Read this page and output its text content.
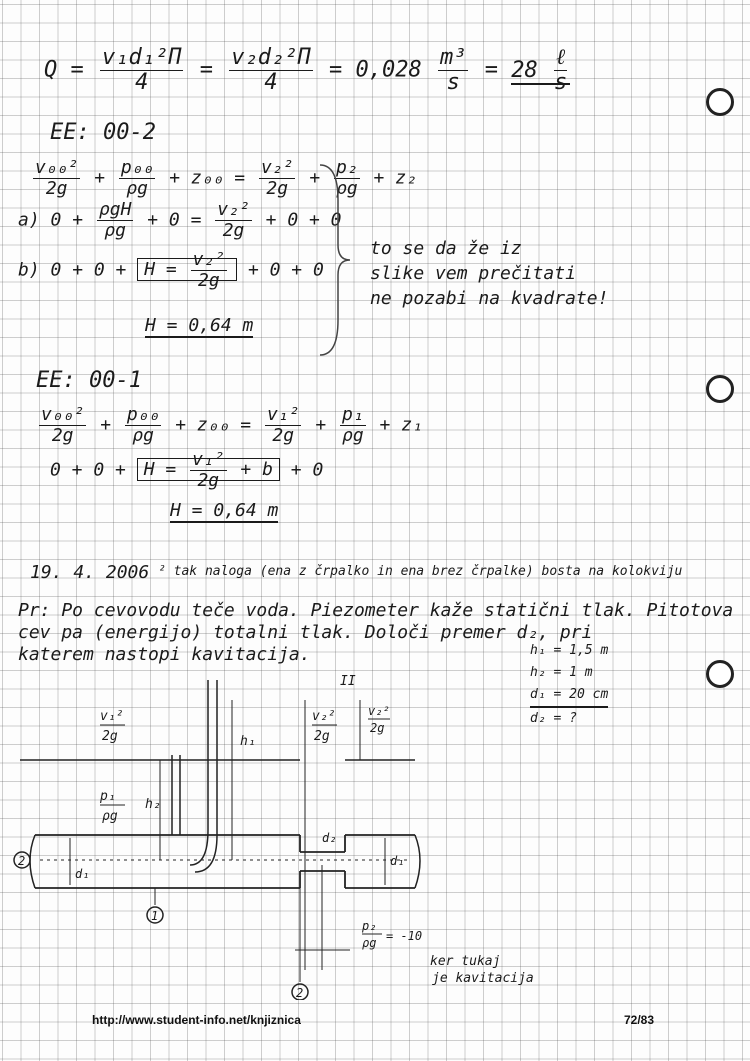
$Q = \frac{\text{v₁d₁²Π}}{4} = \frac{\text{v₂d₂²Π}}{4} = 0,028 \frac{\text{m³}}{s} = 28 \frac{\text{ℓ}}{s}$
EE: 00-2
$\frac{\text{v₀₀²}}{2g} + \frac{\text{p₀₀}}{\rho g} + z_{00} = \frac{\text{v₂²}}{2g} + \frac{\text{p₂}}{\rho g} + z_2$
a) $0 + \frac{\text{ρgH}}{\rho g} + 0 = \frac{\text{v₂²}}{2g} + 0 + 0$
b) $0 + 0 + H = \frac{\text{v₂²}}{2g} + 0 + 0$
H = 0,64 m
to se da že iz
slike vem prečitati
ne pozabi na kvadrate!
EE: 00-1
$\frac{\text{v₀₀²}}{2g} + \frac{\text{p₀₀}}{\rho g} + z_{00} = \frac{\text{v₁²}}{2g} + \frac{\text{p₁}}{\rho g} + z_1$
$0 + 0 + H = \frac{\text{v₁²}}{2g} + b + 0$
H = 0,64 m
19. 4. 2006 ² tak naloga (ena z črpalko in ena brez črpalke) bosta na kolokviju
Pr: Po cevovodu teče voda. Piezometer kaže statični tlak. Pitotova
cev pa (energijo) totalni tlak. Določi premer d₂, pri
katerem nastopi kavitacija.	h₁ = 1,5 m
h₂ = 1 m
d₁ = 20 cm
d₂ = ?
v₁²
2g
p₁
ρg
h₂
h₁
v₂²
2g
II
v₂²
2g
d₂
d₁
d₁
2
1
2
p₂
ρg = -10
ker tukaj
je kavitacija
http://www.student-info.net/knjiznica	72/83
